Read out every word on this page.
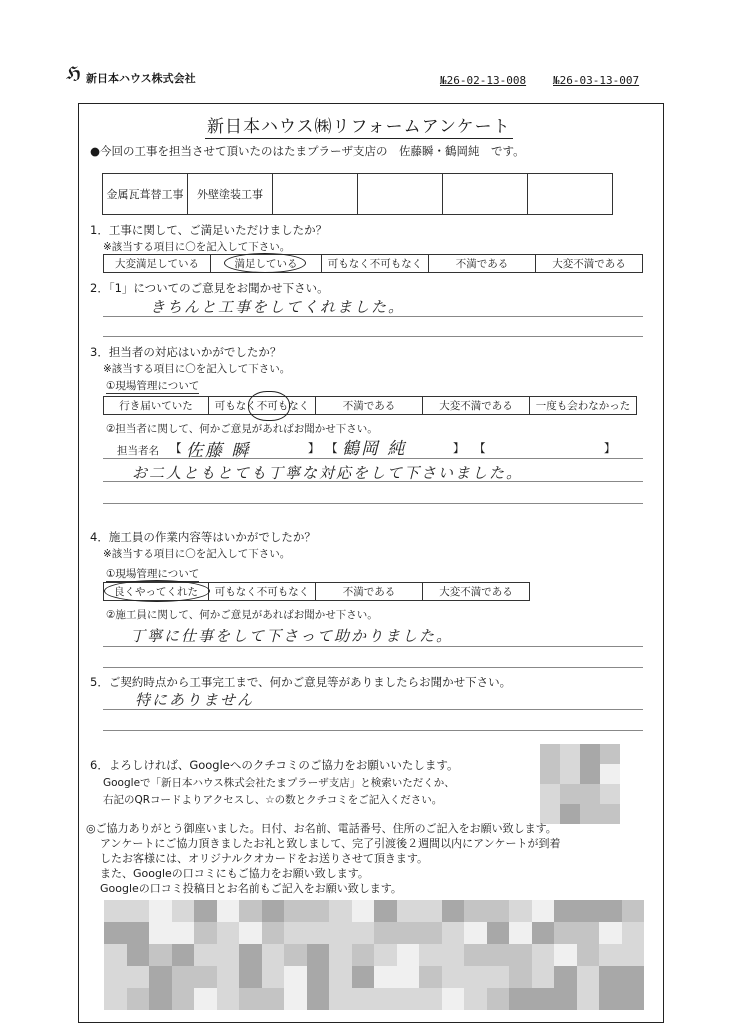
ℌ 新日本ハウス株式会社	№26-02-13-008 №26-03-13-007
新日本ハウス㈱リフォームアンケート
●今回の工事を担当させて頂いたのはたまプラーザ支店の　佐藤瞬・鶴岡純　です。
金属瓦葺替工事	外壁塗装工事				
1．工事に関して、ご満足いただけましたか？
※該当する項目に〇を記入して下さい。
大変満足している	満足している	可もなく不可もなく	不満である	大変不満である
2．「1」についてのご意見をお聞かせ下さい。
きちんと工事をしてくれました。
3．担当者の対応はいかがでしたか？
※該当する項目に〇を記入して下さい。
①現場管理について
行き届いていた	可もなく不可もなく	不満である	大変不満である	一度も会わなかった
②担当者に関して、何かご意見があればお聞かせ下さい。
担当者名 【 佐藤 瞬	】 【 鶴岡 純	】 【	】
お二人ともとても丁寧な対応をして下さいました。
4．施工員の作業内容等はいかがでしたか？
※該当する項目に〇を記入して下さい。
①現場管理について
良くやってくれた	可もなく不可もなく	不満である	大変不満である
②施工員に関して、何かご意見があればお聞かせ下さい。
丁寧に仕事をして下さって助かりました。
5．ご契約時点から工事完工まで、何かご意見等がありましたらお聞かせ下さい。
特にありません
6．よろしければ、Googleへのクチコミのご協力をお願いいたします。
Googleで「新日本ハウス株式会社たまプラーザ支店」と検索いただくか、
右記のQRコードよりアクセスし、☆の数とクチコミをご記入ください。
◎ご協力ありがとう御座いました。日付、お名前、電話番号、住所のご記入をお願い致します。
アンケートにご協力頂きましたお礼と致しまして、完了引渡後２週間以内にアンケートが到着
したお客様には、オリジナルクオカードをお送りさせて頂きます。
また、Googleの口コミにもご協力をお願い致します。
Googleの口コミ投稿日とお名前もご記入をお願い致します。
